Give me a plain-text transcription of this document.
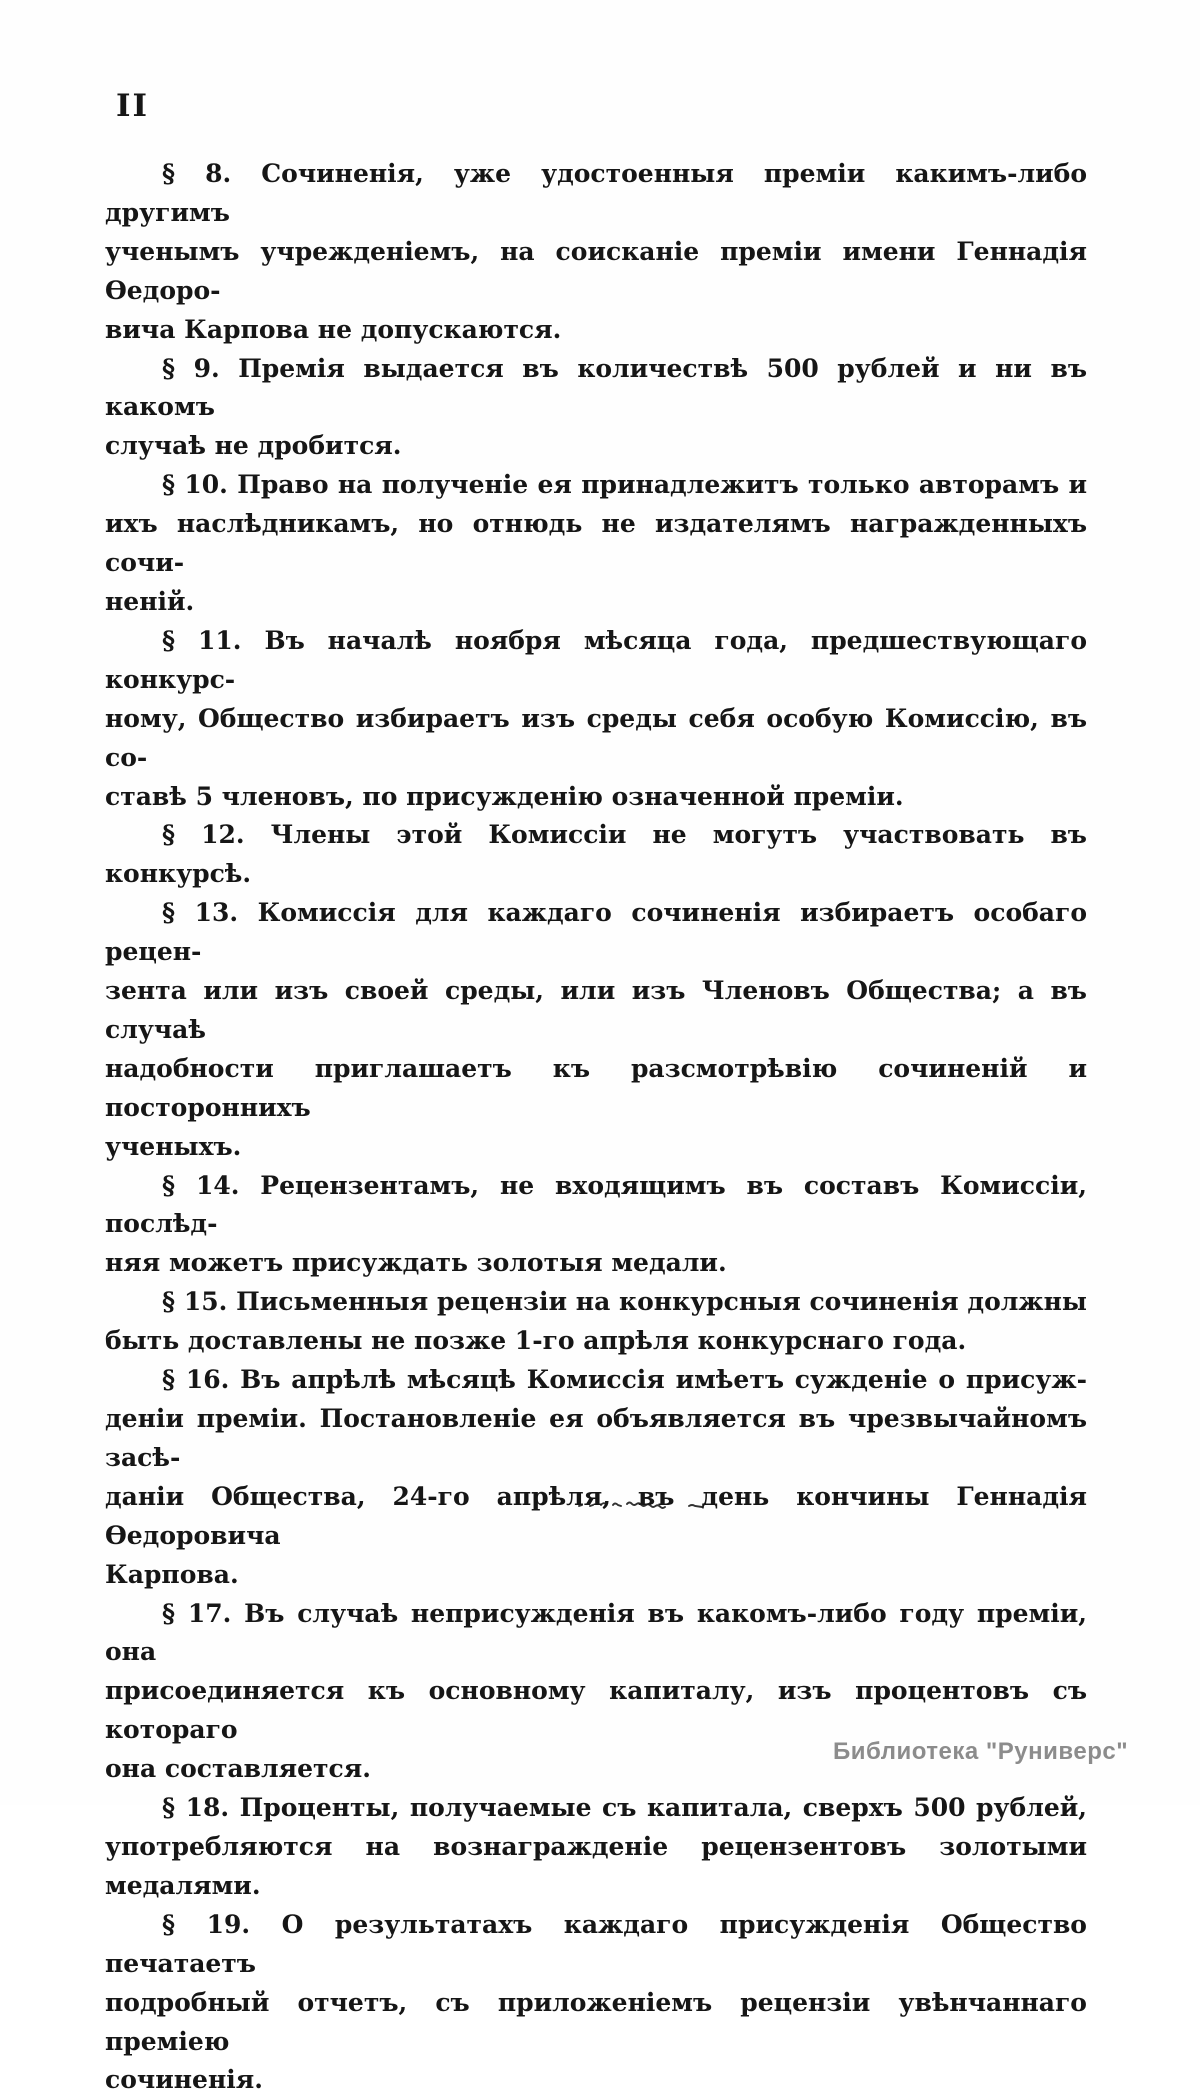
II
§ 8. Сочиненія, уже удостоенныя преміи какимъ-либо другимъ
ученымъ учрежденіемъ, на соисканіе преміи имени Геннадія Ѳедоро-
вича Карпова не допускаются.
§ 9. Премія выдается въ количествѣ 500 рублей и ни въ какомъ
случаѣ не дробится.
§ 10. Право на полученіе ея принадлежитъ только авторамъ и
ихъ наслѣдникамъ, но отнюдь не издателямъ награжденныхъ сочи-
неній.
§ 11. Въ началѣ ноября мѣсяца года, предшествующаго конкурс-
ному, Общество избираетъ изъ среды себя особую Комиссію, въ со-
ставѣ 5 членовъ, по присужденію означенной преміи.
§ 12. Члены этой Комиссіи не могутъ участвовать въ конкурсѣ.
§ 13. Комиссія для каждаго сочиненія избираетъ особаго рецен-
зента или изъ своей среды, или изъ Членовъ Общества; а въ случаѣ
надобности приглашаетъ къ разсмотрѣвію сочиненій и постороннихъ
ученыхъ.
§ 14. Рецензентамъ, не входящимъ въ составъ Комиссіи, послѣд-
няя можетъ присуждать золотыя медали.
§ 15. Письменныя рецензіи на конкурсныя сочиненія должны
быть доставлены не позже 1-го апрѣля конкурснаго года.
§ 16. Въ апрѣлѣ мѣсяцѣ Комиссія имѣетъ сужденіе о присуж-
деніи преміи. Постановленіе ея объявляется въ чрезвычайномъ засѣ-
даніи Общества, 24-го апрѣля, въ день кончины Геннадія Ѳедоровича
Карпова.
§ 17. Въ случаѣ неприсужденія въ какомъ-либо году преміи, она
присоединяется къ основному капиталу, изъ процентовъ съ котораго
она составляется.
§ 18. Проценты, получаемые съ капитала, сверхъ 500 рублей,
употребляются на вознагражденіе рецензентовъ золотыми медалями.
§ 19. О результатахъ каждаго присужденія Общество печатаетъ
подробный отчетъ, съ приложеніемъ рецензіи увѣнчаннаго преміею
сочиненія.
Библиотека "Руниверс"
